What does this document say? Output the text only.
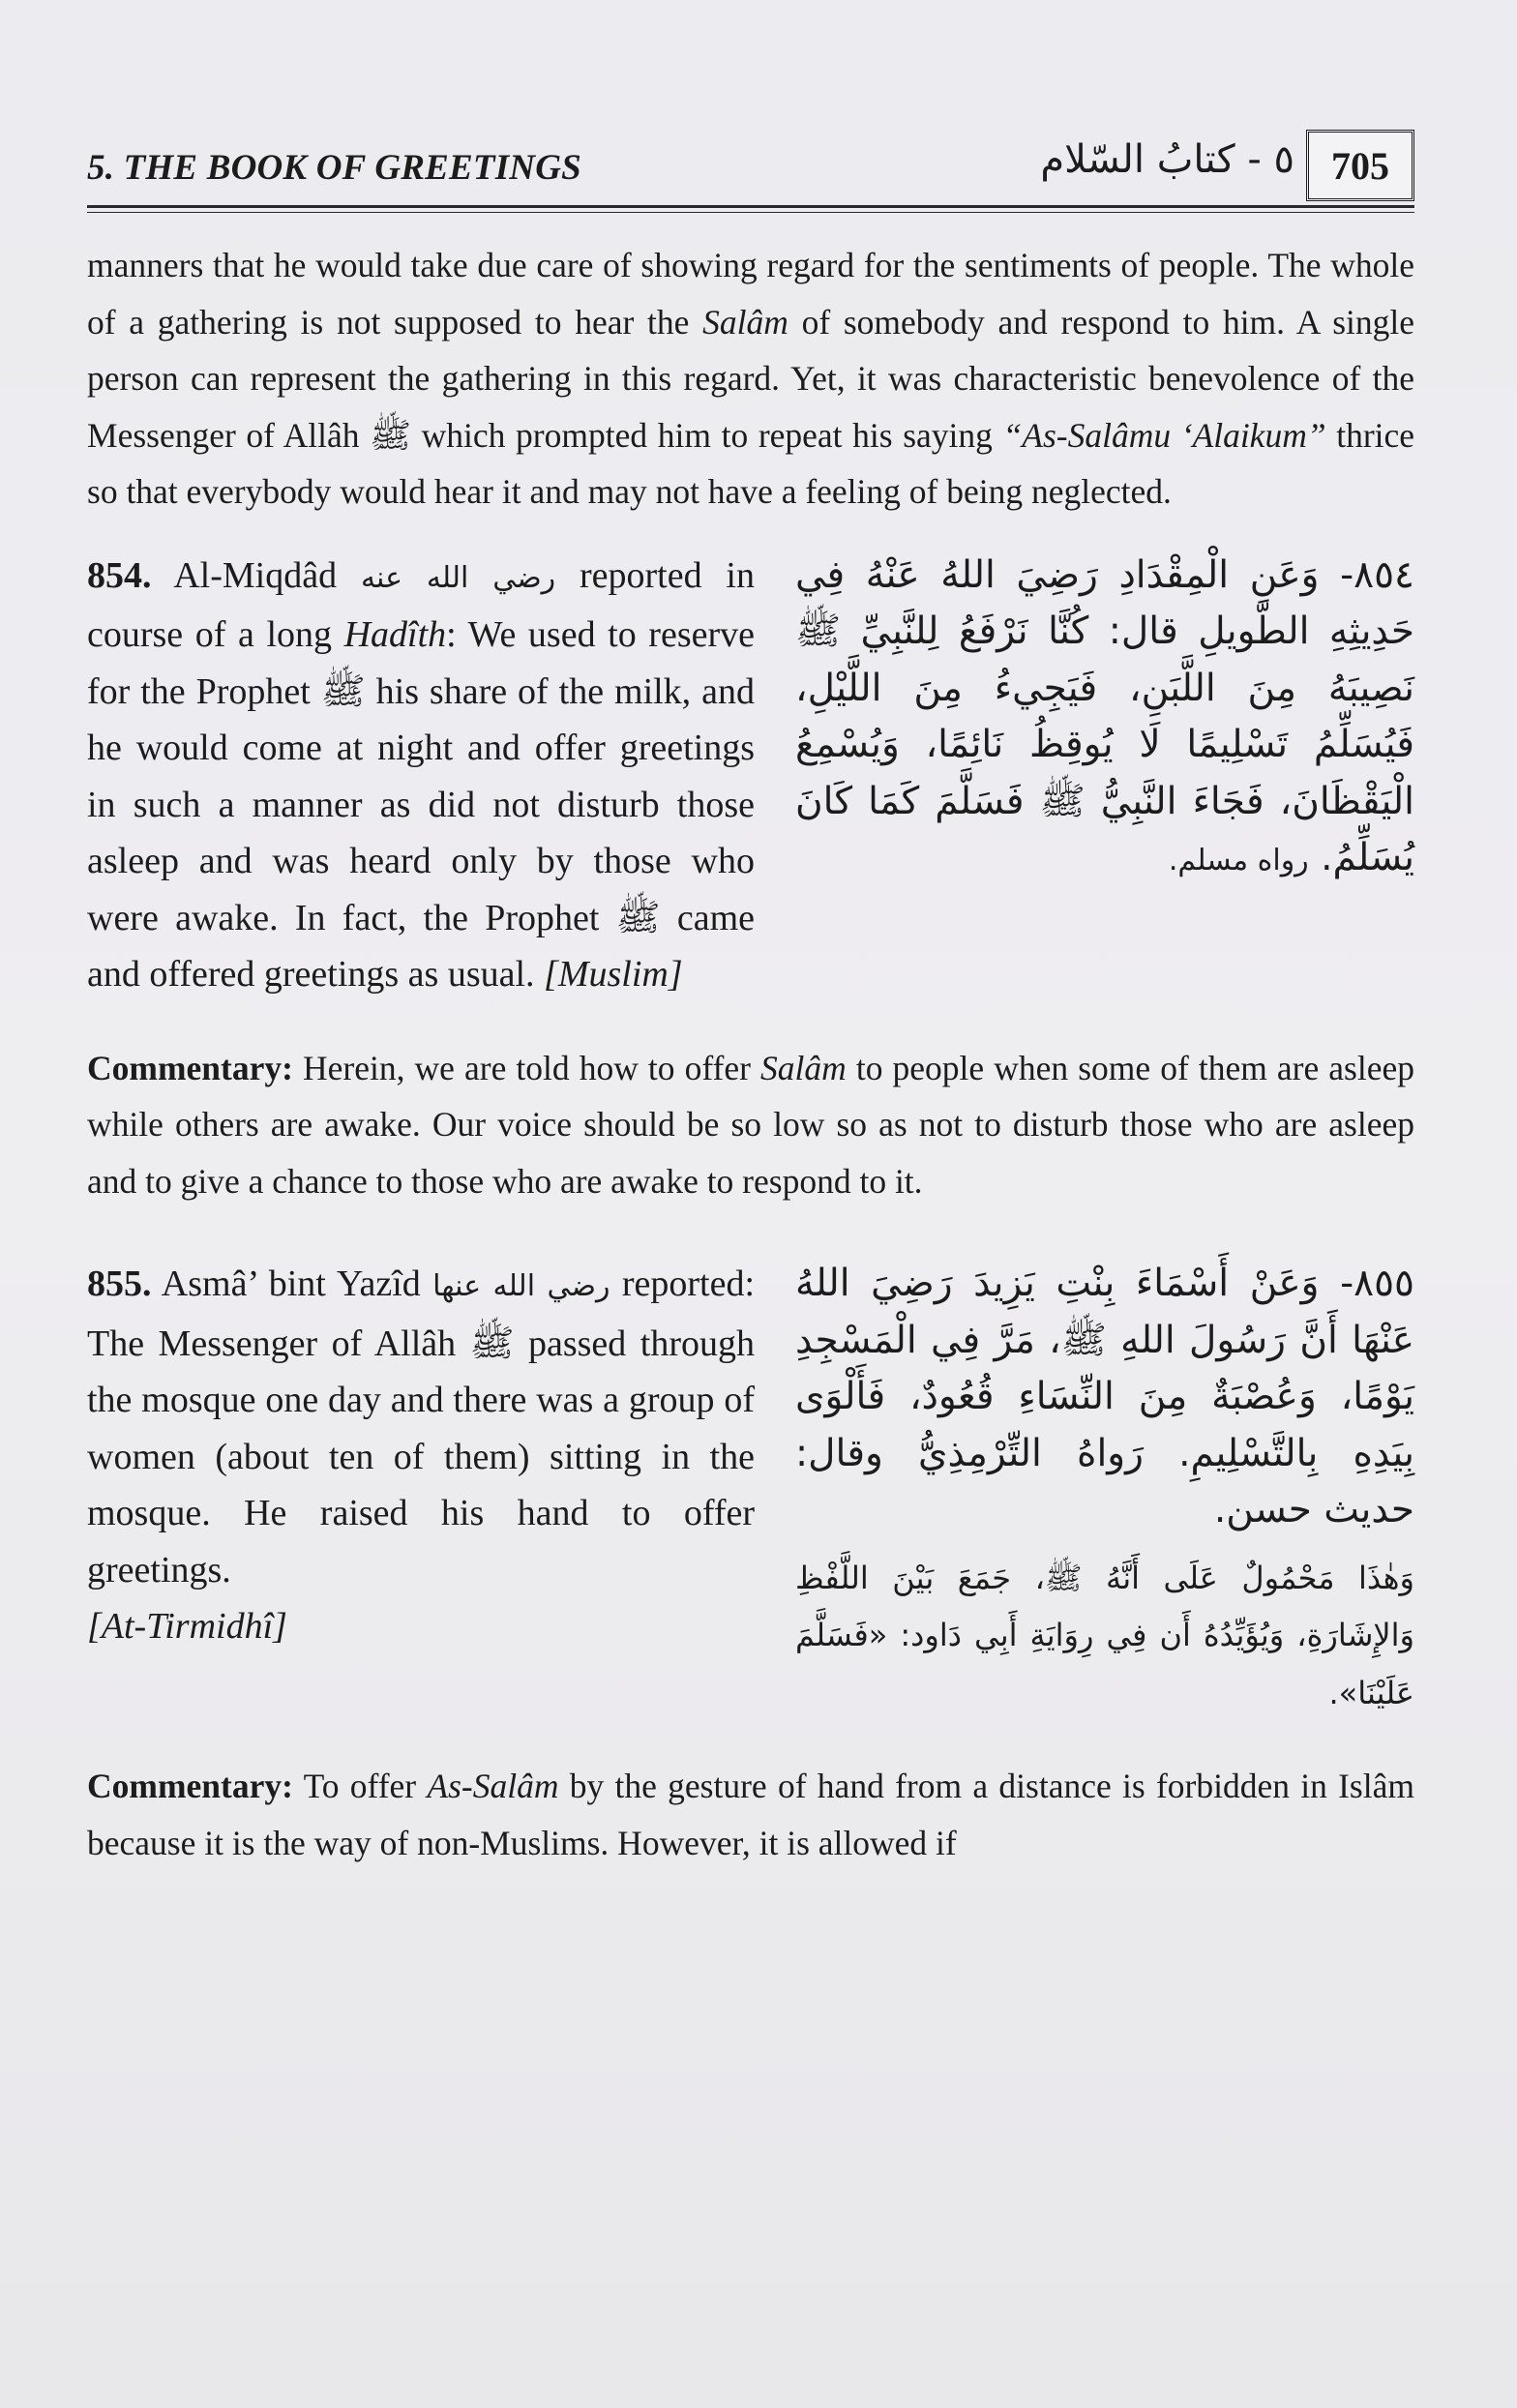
5. THE BOOK OF GREETINGS	٥ - كتابُ السّلام 705

manners that he would take due care of showing regard for the sentiments of people. The whole of a gathering is not supposed to hear the Salâm of somebody and respond to him. A single person can represent the gathering in this regard. Yet, it was characteristic benevolence of the Messenger of Allâh ﷺ which prompted him to repeat his saying “As-Salâmu ‘Alaikum” thrice so that everybody would hear it and may not have a feeling of being neglected.

854. Al-Miqdâd رضي الله عنه reported in course of a long Hadîth: We used to reserve for the Prophet ﷺ his share of the milk, and he would come at night and offer greetings in such a manner as did not disturb those asleep and was heard only by those who were awake. In fact, the Prophet ﷺ came and offered greetings as usual. [Muslim]
٨٥٤- وَعَنِ الْمِقْدَادِ رَضِيَ اللهُ عَنْهُ فِي حَدِيثِهِ الطّويلِ قال: كُنَّا نَرْفَعُ لِلنَّبِيِّ ﷺ نَصِيبَهُ مِنَ اللَّبَنِ، فَيَجِيءُ مِنَ اللَّيْلِ، فَيُسَلِّمُ تَسْلِيمًا لَا يُوقِظُ نَائِمًا، وَيُسْمِعُ الْيَقْظَانَ، فَجَاءَ النَّبِيُّ ﷺ فَسَلَّمَ كَمَا كَانَ يُسَلِّمُ. رواه مسلم.

Commentary: Herein, we are told how to offer Salâm to people when some of them are asleep while others are awake. Our voice should be so low so as not to disturb those who are asleep and to give a chance to those who are awake to respond to it.

855. Asmâ’ bint Yazîd رضي الله عنها reported: The Messenger of Allâh ﷺ passed through the mosque one day and there was a group of women (about ten of them) sitting in the mosque. He raised his hand to offer greetings.
[At-Tirmidhî]
٨٥٥- وَعَنْ أَسْمَاءَ بِنْتِ يَزِيدَ رَضِيَ اللهُ عَنْهَا أَنَّ رَسُولَ اللهِ ﷺ، مَرَّ فِي الْمَسْجِدِ يَوْمًا، وَعُصْبَةٌ مِنَ النِّسَاءِ قُعُودٌ، فَأَلْوَى بِيَدِهِ بِالتَّسْلِيمِ. رَواهُ التِّرْمِذِيُّ وقال: حديث حسن.
وَهٰذَا مَحْمُولٌ عَلَى أَنَّهُ ﷺ، جَمَعَ بَيْنَ اللَّفْظِ وَالإِشَارَةِ، وَيُؤَيِّدُهُ أَن فِي رِوَايَةِ أَبِي دَاود: «فَسَلَّمَ عَلَيْنَا».

Commentary: To offer As-Salâm by the gesture of hand from a distance is forbidden in Islâm because it is the way of non-Muslims. However, it is allowed if
